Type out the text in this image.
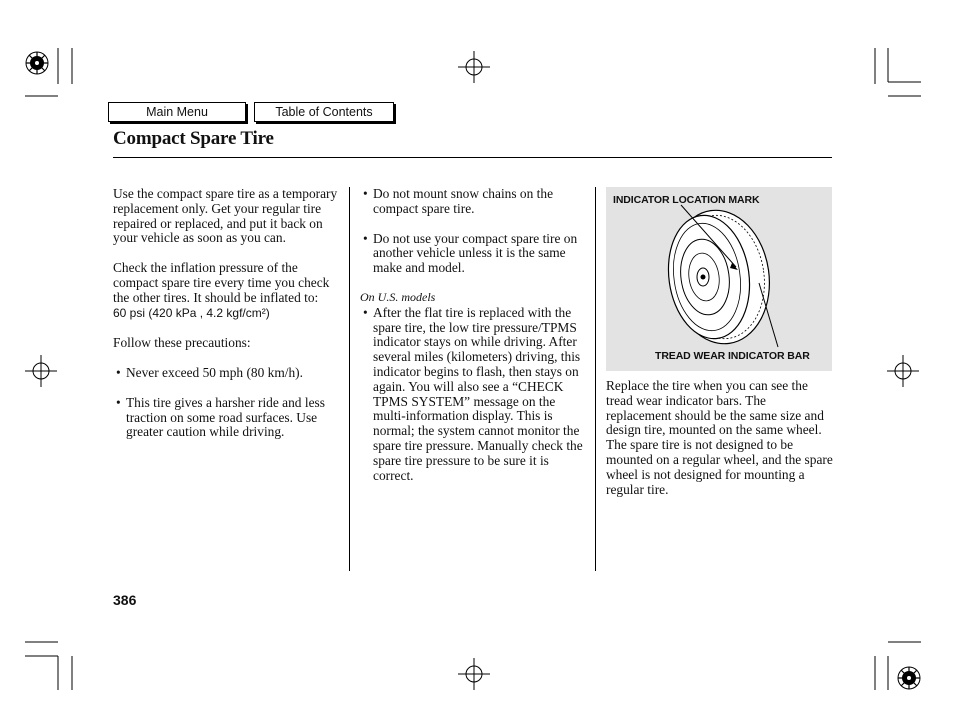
Main Menu	Table of Contents
Compact Spare Tire

Use the compact spare tire as a temporary replacement only. Get your regular tire repaired or replaced, and put it back on your vehicle as soon as you can.

Check the inflation pressure of the compact spare tire every time you check the other tires. It should be inflated to:

60 psi (420 kPa , 4.2 kgf/cm²)

Follow these precautions:

• Never exceed 50 mph (80 km/h).

• This tire gives a harsher ride and less traction on some road surfaces. Use greater caution while driving.

• Do not mount snow chains on the compact spare tire.

• Do not use your compact spare tire on another vehicle unless it is the same make and model.

On U.S. models

• After the flat tire is replaced with the spare tire, the low tire pressure/TPMS indicator stays on while driving. After several miles (kilometers) driving, this indicator begins to flash, then stays on again. You will also see a “CHECK TPMS SYSTEM” message on the multi-information display. This is normal; the system cannot monitor the spare tire pressure. Manually check the spare tire pressure to be sure it is correct.

INDICATOR LOCATION MARK
TREAD WEAR INDICATOR BAR

Replace the tire when you can see the tread wear indicator bars. The replacement should be the same size and design tire, mounted on the same wheel. The spare tire is not designed to be mounted on a regular wheel, and the spare wheel is not designed for mounting a regular tire.

386
